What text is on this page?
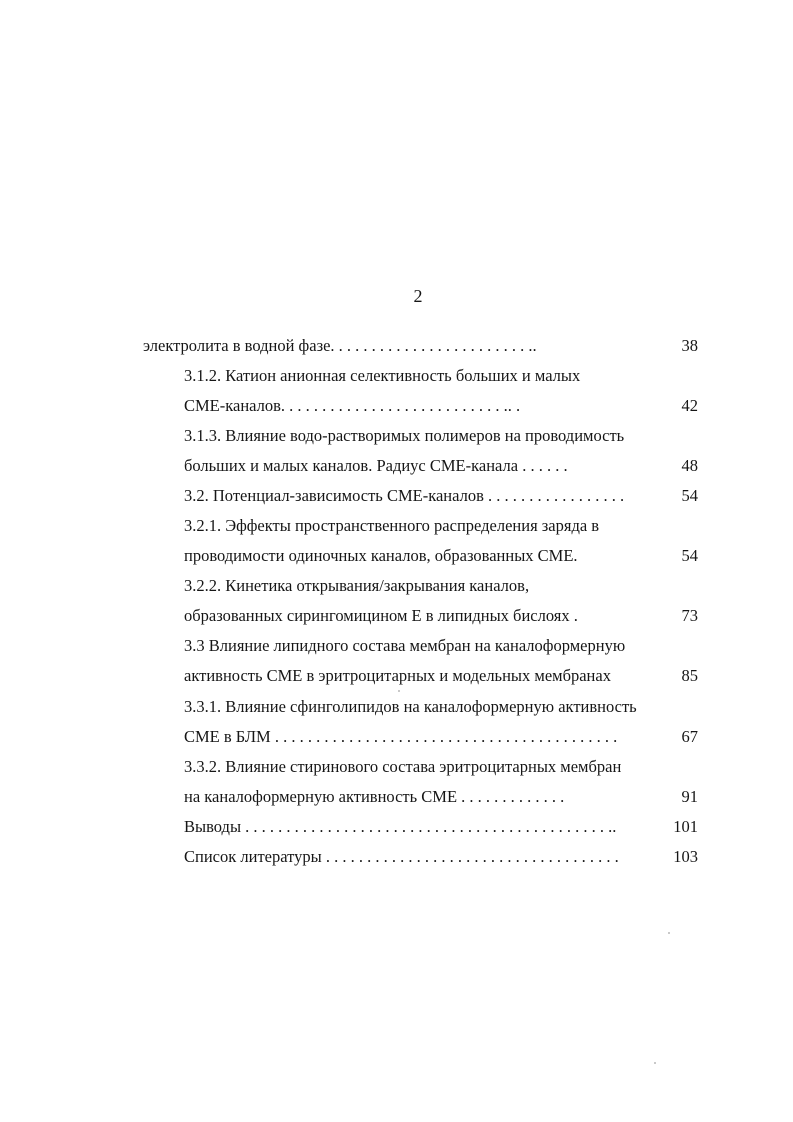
2
электролита в водной фазе. . . . . . . . . . . . . . . . . . . . . . . . ..	38
3.1.2. Катион анионная селективность больших и малых
СМЕ-каналов. . . . . . . . . . . . . . . . . . . . . . . . . . . .. .	42
3.1.3. Влияние водо-растворимых полимеров на проводимость
больших и малых каналов. Радиус СМЕ-канала . . . . . .	48
3.2. Потенциал-зависимость СМЕ-каналов . . . . . . . . . . . . . . . . .	54
3.2.1. Эффекты пространственного распределения заряда в
проводимости одиночных каналов, образованных СМЕ.	54
3.2.2. Кинетика открывания/закрывания каналов,
образованных сирингомицином Е в липидных бислоях .	73
3.3 Влияние липидного состава мембран на каналоформерную
активность СМЕ в эритроцитарных и модельных мембранах	85
3.3.1. Влияние сфинголипидов на каналоформерную активность
СМЕ в БЛМ . . . . . . . . . . . . . . . . . . . . . . . . . . . . . . . . . . . . . . . . . .	67
3.3.2. Влияние стиринового состава эритроцитарных мембран
на каналоформерную активность СМЕ . . . . . . . . . . . . .	91
Выводы . . . . . . . . . . . . . . . . . . . . . . . . . . . . . . . . . . . . . . . . . . . . ..	101
Список литературы . . . . . . . . . . . . . . . . . . . . . . . . . . . . . . . . . . . .	103
